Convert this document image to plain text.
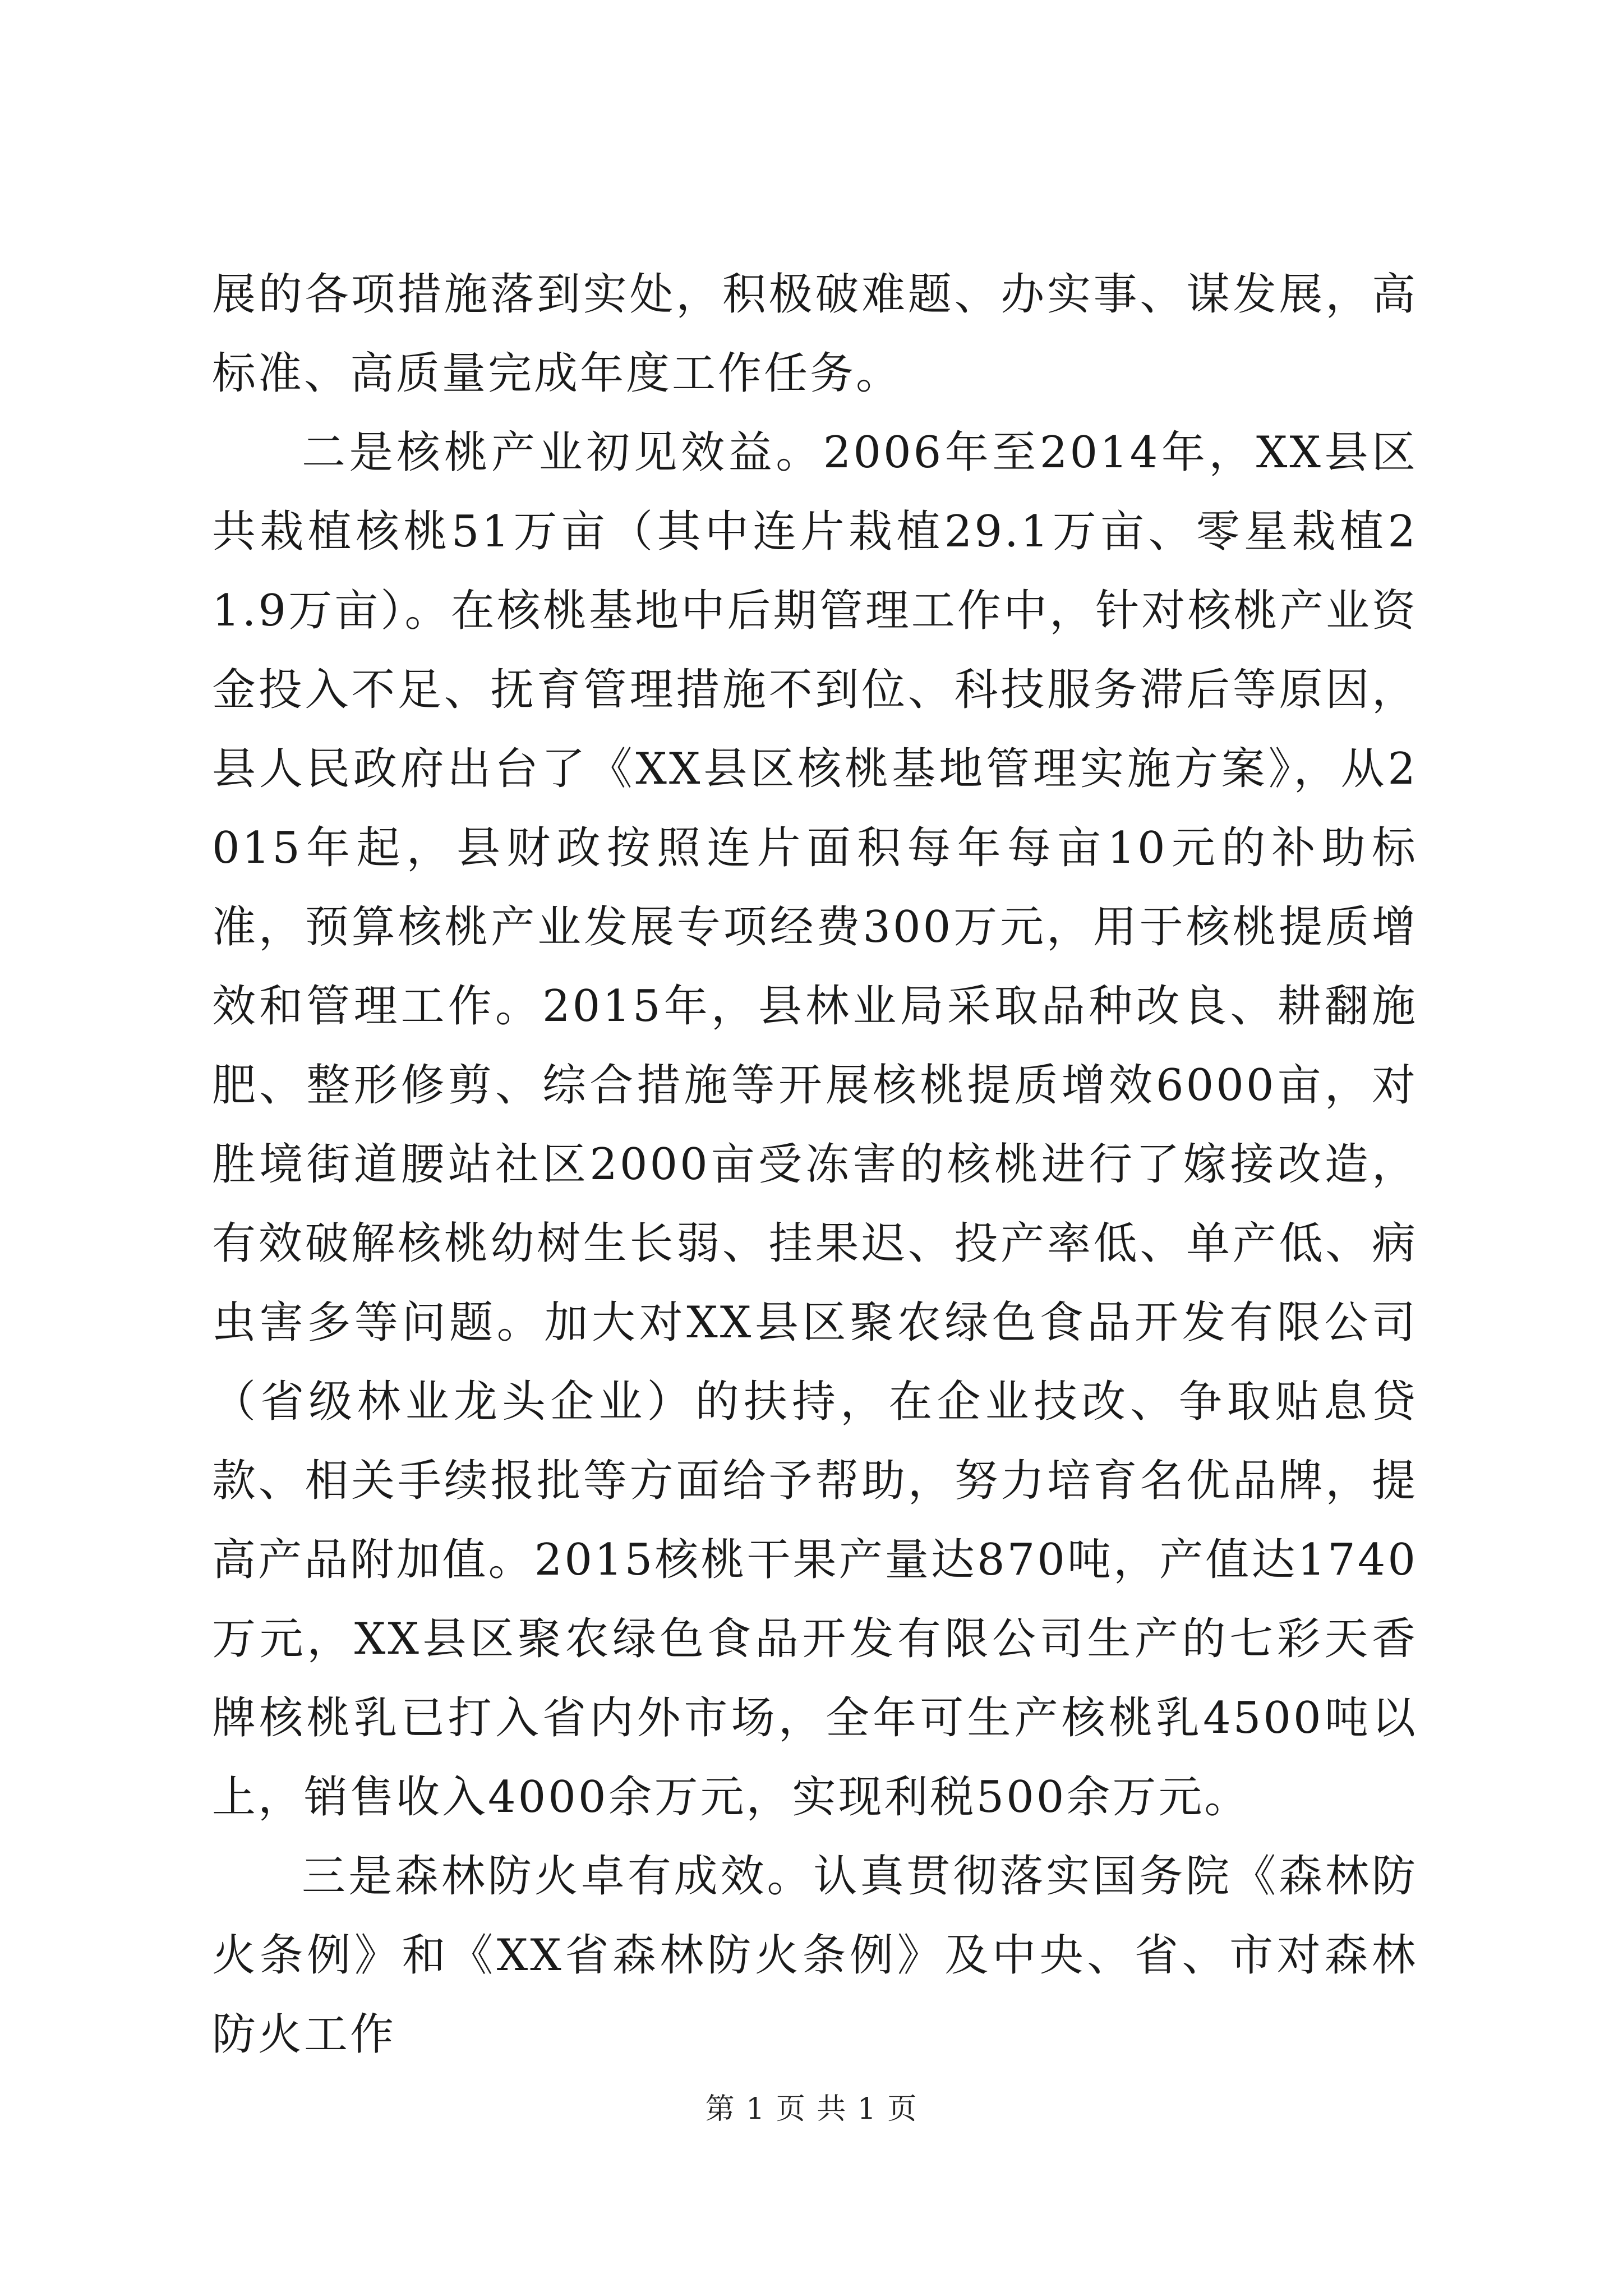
展的各项措施落到实处，积极破难题、办实事、谋发展，高标准、高质量完成年度工作任务。

二是核桃产业初见效益。2006年至2014年，XX县区共栽植核桃51万亩（其中连片栽植29.1万亩、零星栽植21.9万亩）。在核桃基地中后期管理工作中，针对核桃产业资金投入不足、抚育管理措施不到位、科技服务滞后等原因，县人民政府出台了《XX县区核桃基地管理实施方案》，从2015年起，县财政按照连片面积每年每亩10元的补助标准，预算核桃产业发展专项经费300万元，用于核桃提质增效和管理工作。2015年，县林业局采取品种改良、耕翻施肥、整形修剪、综合措施等开展核桃提质增效6000亩，对胜境街道腰站社区2000亩受冻害的核桃进行了嫁接改造，有效破解核桃幼树生长弱、挂果迟、投产率低、单产低、病虫害多等问题。加大对XX县区聚农绿色食品开发有限公司（省级林业龙头企业）的扶持，在企业技改、争取贴息贷款、相关手续报批等方面给予帮助，努力培育名优品牌，提高产品附加值。2015核桃干果产量达870吨，产值达1740万元，XX县区聚农绿色食品开发有限公司生产的七彩天香牌核桃乳已打入省内外市场，全年可生产核桃乳4500吨以上，销售收入4000余万元，实现利税500余万元。

三是森林防火卓有成效。认真贯彻落实国务院《森林防火条例》和《XX省森林防火条例》及中央、省、市对森林防火工作

第 1 页 共 1 页
